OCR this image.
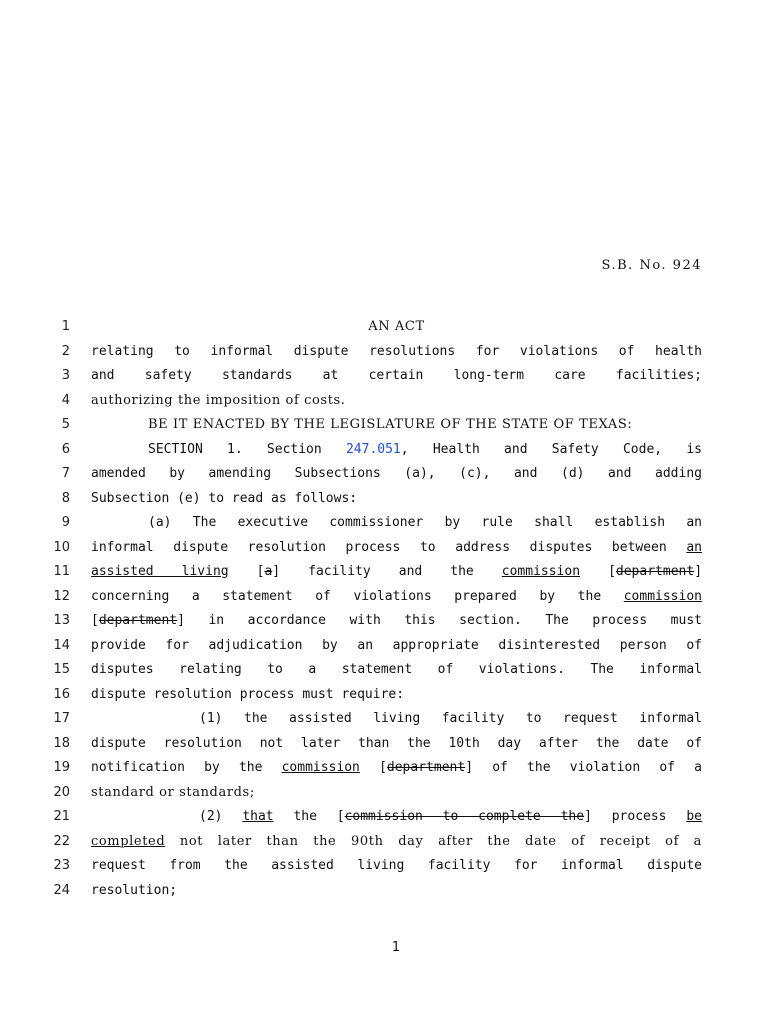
S.B. No. 924
1	AN ACT
2 relating to informal dispute resolutions for violations of health
3 and safety standards at certain long-term care facilities;
4 authorizing the imposition of costs.
5	BE IT ENACTED BY THE LEGISLATURE OF THE STATE OF TEXAS:
6	SECTION 1. Section 247.051, Health and Safety Code, is
7 amended by amending Subsections (a), (c), and (d) and adding
8 Subsection (e) to read as follows:
9	(a) The executive commissioner by rule shall establish an
10 informal dispute resolution process to address disputes between an
11 assisted living [a] facility and the commission [department]
12 concerning a statement of violations prepared by the commission
13 [department] in accordance with this section. The process must
14 provide for adjudication by an appropriate disinterested person of
15 disputes relating to a statement of violations. The informal
16 dispute resolution process must require:
17	(1) the assisted living facility to request informal
18 dispute resolution not later than the 10th day after the date of
19 notification by the commission [department] of the violation of a
20 standard or standards;
21	(2) that the [commission to complete the] process be
22 completed not later than the 90th day after the date of receipt of a
23 request from the assisted living facility for informal dispute
24 resolution;
1
